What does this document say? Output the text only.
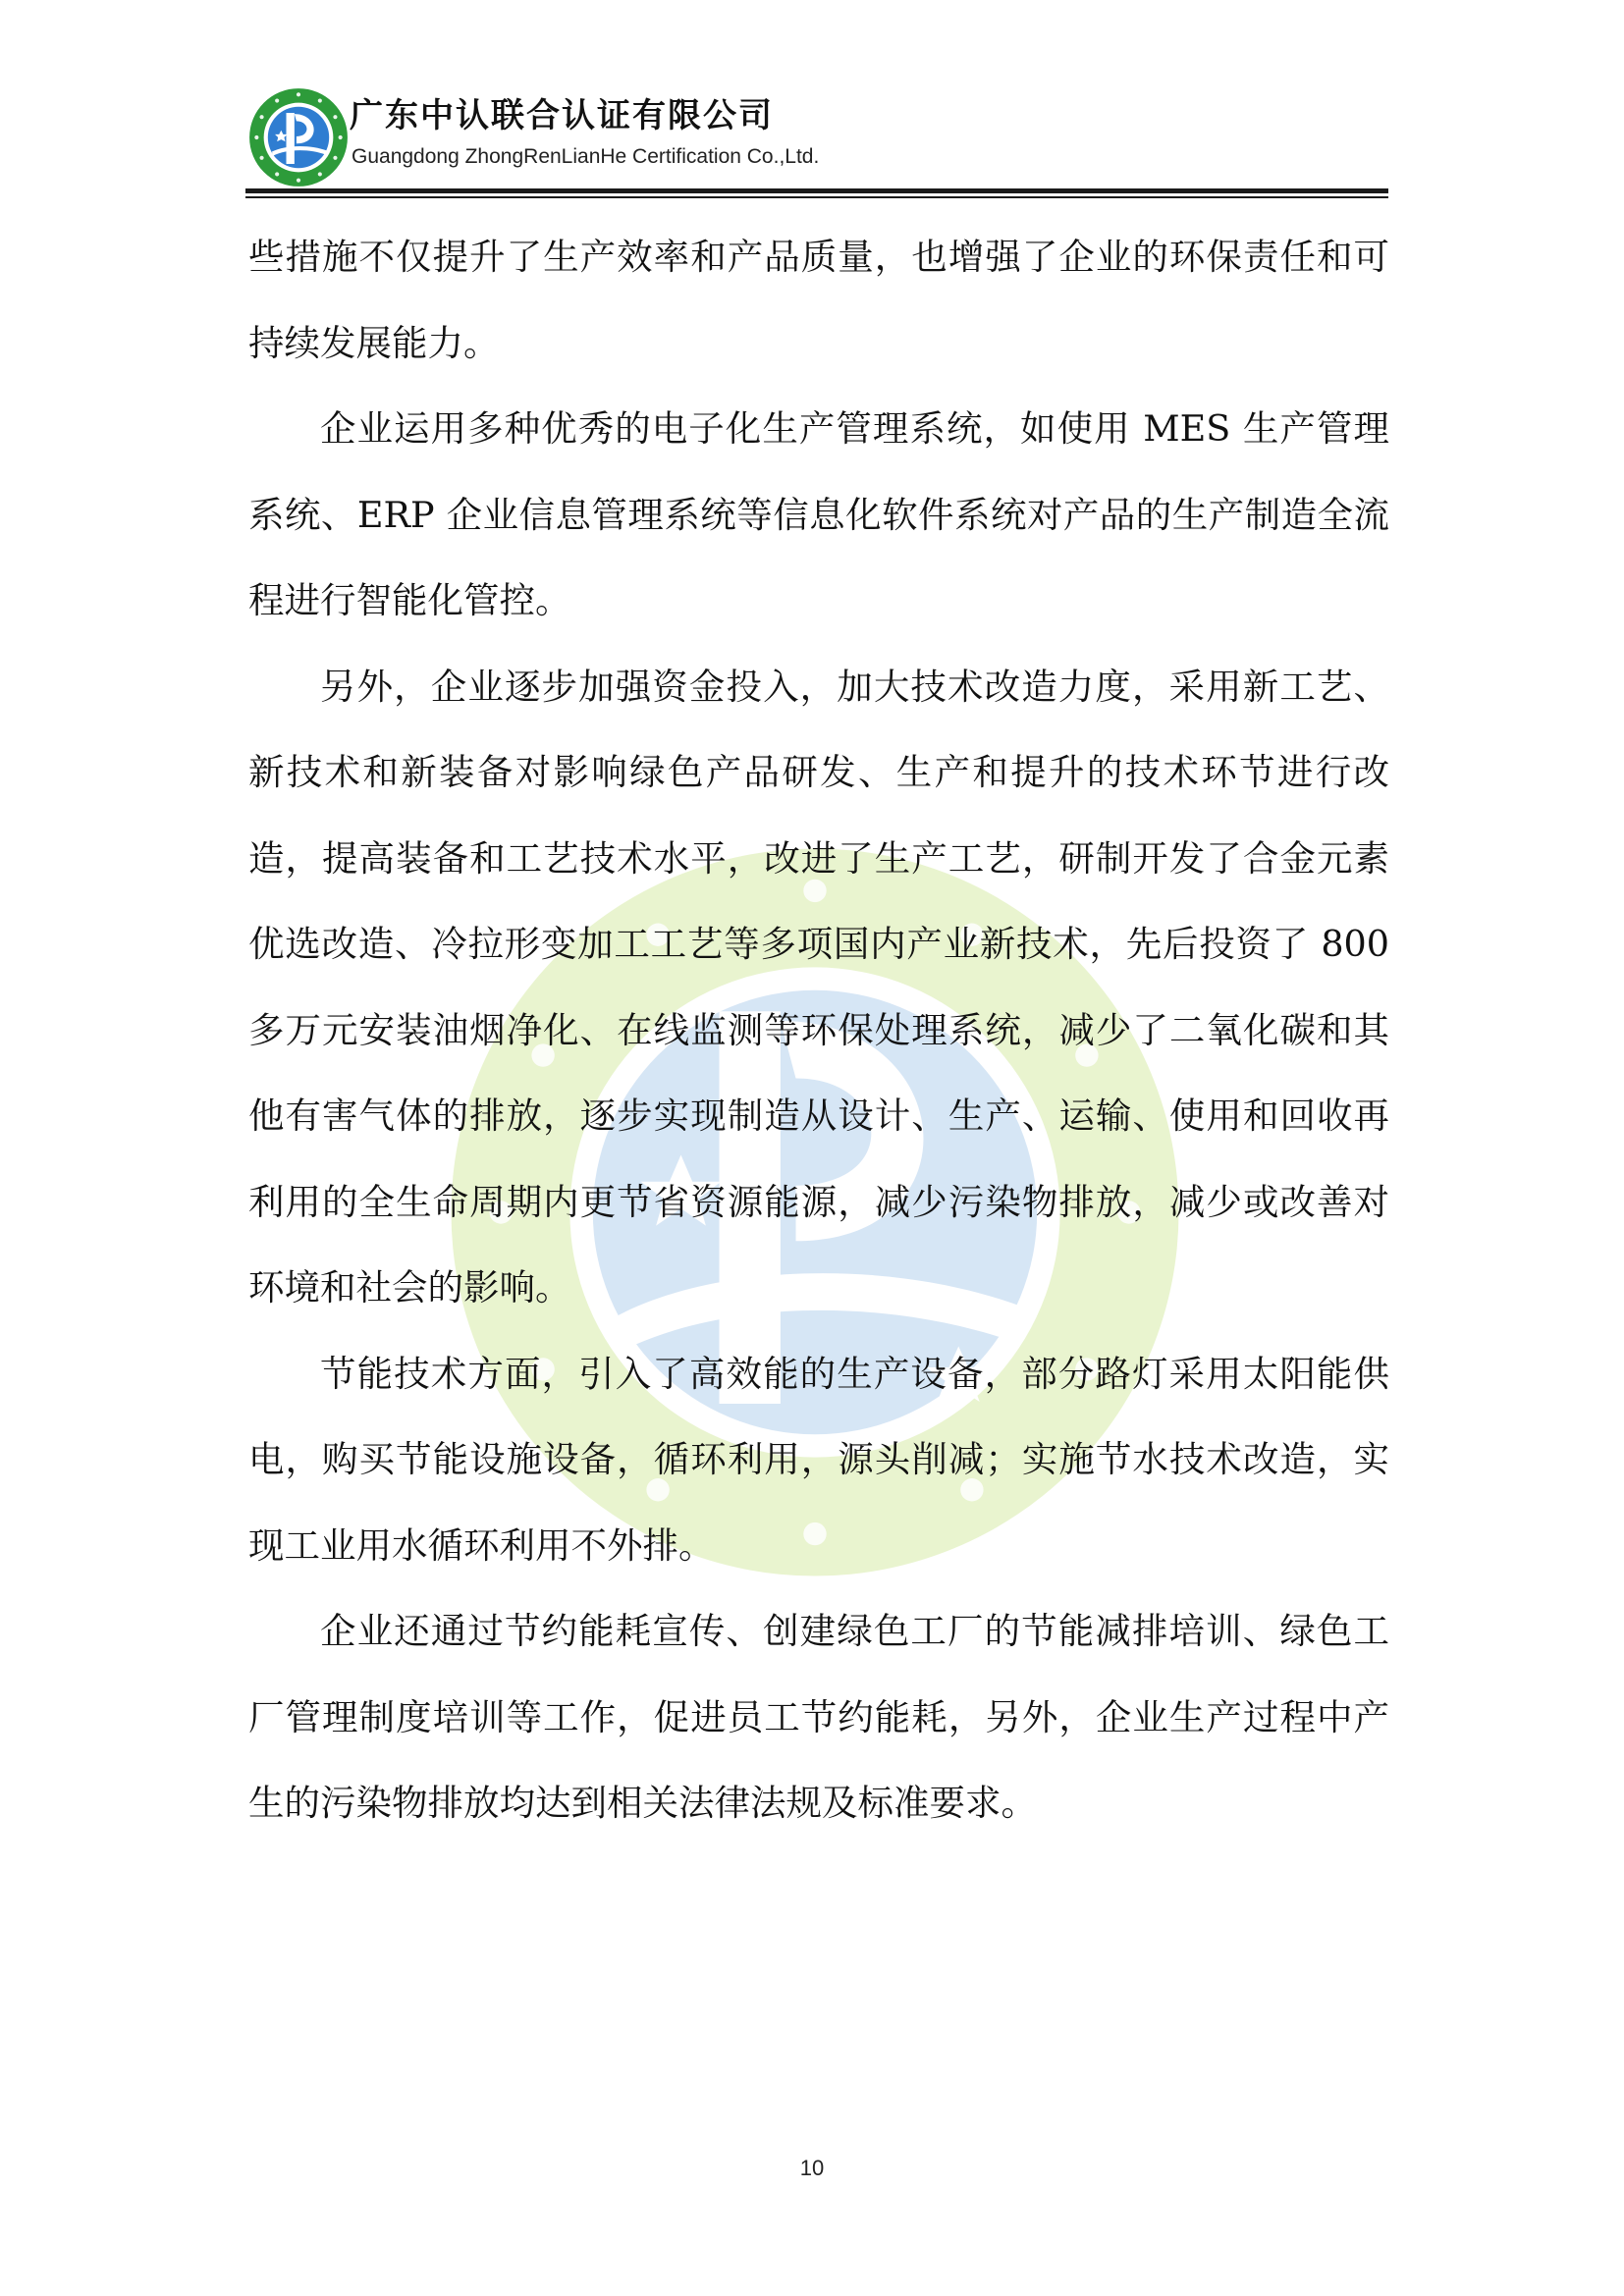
广东中认联合认证有限公司

Guangdong ZhongRenLianHe Certification Co.,Ltd.

些措施不仅提升了生产效率和产品质量，也增强了企业的环保责任和可持续发展能力。

企业运用多种优秀的电子化生产管理系统，如使用 MES 生产管理系统、ERP 企业信息管理系统等信息化软件系统对产品的生产制造全流程进行智能化管控。

另外，企业逐步加强资金投入，加大技术改造力度，采用新工艺、新技术和新装备对影响绿色产品研发、生产和提升的技术环节进行改造，提高装备和工艺技术水平，改进了生产工艺，研制开发了合金元素优选改造、冷拉形变加工工艺等多项国内产业新技术，先后投资了 800 多万元安装油烟净化、在线监测等环保处理系统，减少了二氧化碳和其他有害气体的排放，逐步实现制造从设计、生产、运输、使用和回收再利用的全生命周期内更节省资源能源，减少污染物排放，减少或改善对环境和社会的影响。

节能技术方面，引入了高效能的生产设备，部分路灯采用太阳能供电，购买节能设施设备，循环利用，源头削减；实施节水技术改造，实现工业用水循环利用不外排。

企业还通过节约能耗宣传、创建绿色工厂的节能减排培训、绿色工厂管理制度培训等工作，促进员工节约能耗，另外，企业生产过程中产生的污染物排放均达到相关法律法规及标准要求。

10
